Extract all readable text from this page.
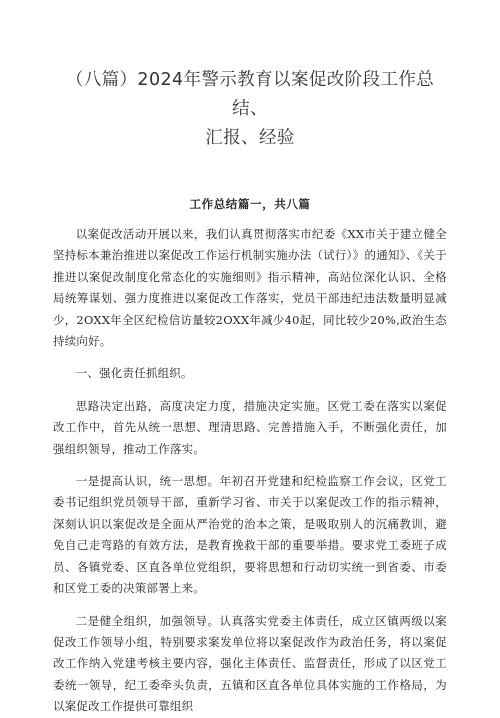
（八篇）2024年警示教育以案促改阶段工作总结、
汇报、经验

工作总结篇一，共八篇

以案促改活动开展以来，我们认真贯彻落实市纪委《XX市关于建立健全坚持标本兼治推进以案促改工作运行机制实施办法（试行）》的通知》、《关于推进以案促改制度化常态化的实施细则》指示精神，高站位深化认识、全格局统筹谋划、强力度推进以案促改工作落实，党员干部违纪违法数量明显减少，2OXX年全区纪检信访量较2OXX年减少40起，同比较少20%,政治生态持续向好。

一、强化责任抓组织。

思路决定出路，高度决定力度，措施决定实施。区党工委在落实以案促改工作中，首先从统一思想、理清思路、完善措施入手，不断强化责任，加强组织领导，推动工作落实。

一是提高认识，统一思想。年初召开党建和纪检监察工作会议，区党工委书记组织党员领导干部，重新学习省、市关于以案促改工作的指示精神，深刻认识以案促改是全面从严治党的治本之策，是吸取别人的沉痛教训，避免自己走弯路的有效方法，是教育挽救干部的重要举措。要求党工委班子成员、各镇党委、区直各单位党组织，要将思想和行动切实统一到省委、市委和区党工委的决策部署上来。

二是健全组织，加强领导。认真落实党委主体责任，成立区镇两级以案促改工作领导小组，特别要求案发单位将以案促改作为政治任务，将以案促改工作纳入党建考核主要内容，强化主体责任、监督责任，形成了以区党工委统一领导，纪工委牵头负责，五镇和区直各单位具体实施的工作格局，为以案促改工作提供可靠组织
